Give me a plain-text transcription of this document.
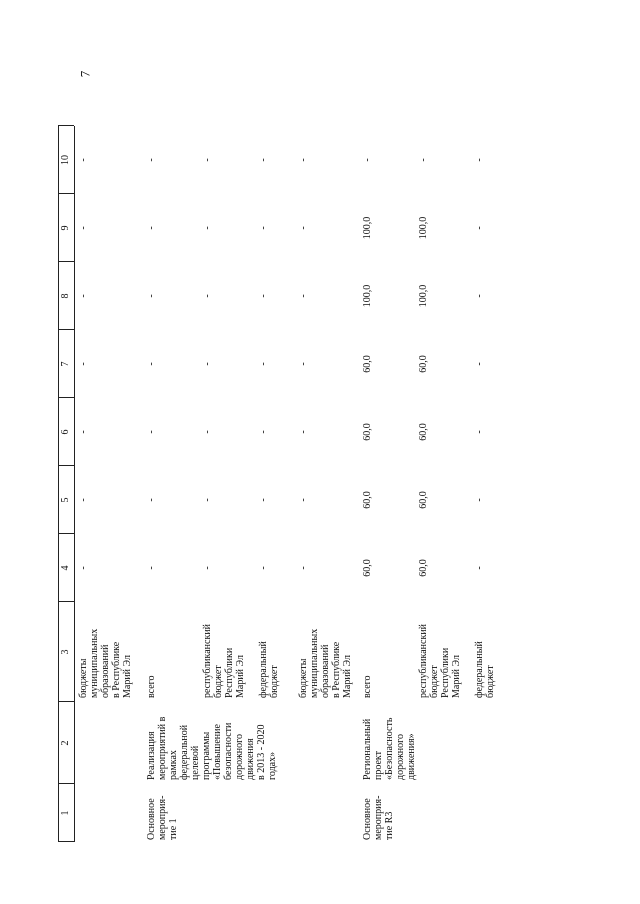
7
1
2
3
4
5
6
7
8
9
10
бюджеты
муниципальных
образований
в Республике
Марий Эл
-
-
-
-
-
-
-
Основное
мероприя-
тие 1
Реализация
мероприятий в рамках
федеральной целевой
программы
«Повышение
безопасности
дорожного движения
в 2013 - 2020 годах»
всего
-
-
-
-
-
-
-
республиканский
бюджет
Республики
Марий Эл
-
-
-
-
-
-
-
федеральный
бюджет
-
-
-
-
-
-
-
бюджеты
муниципальных
образований
в Республике
Марий Эл
-
-
-
-
-
-
-
Основное
мероприя-
тие R3
Региональный проект
«Безопасность
дорожного движения»
всего
60,0
60,0
60,0
60,0
100,0
100,0
-
республиканский
бюджет
Республики
Марий Эл
60,0
60,0
60,0
60,0
100,0
100,0
-
федеральный
бюджет
-
-
-
-
-
-
-
